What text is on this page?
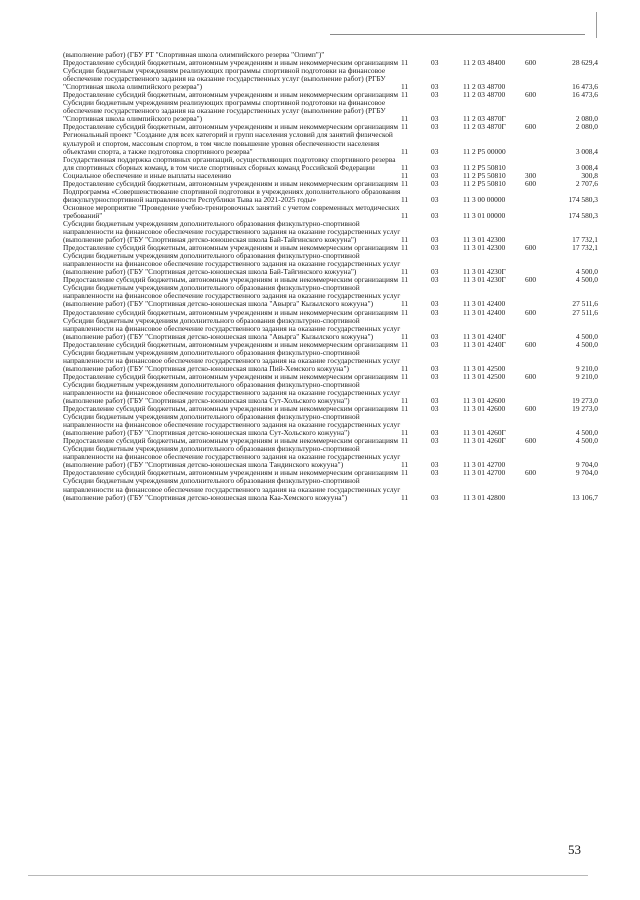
(выполнение работ) (ГБУ РТ "Спортивная школа олимпийского резерва "Олимп")"					
Предоставление субсидий бюджетным, автономным учреждениям и иным некоммерческим организациям	11	03	11 2 03 48400	600	28 629,4
Субсидии бюджетным учреждениям реализующих программы спортивной подготовки на финансовое обеспечение государственного задания на оказание государственных услуг (выполнение работ) (РГБУ "Спортивная школа олимпийского резерва")	11	03	11 2 03 48700		16 473,6
Предоставление субсидий бюджетным, автономным учреждениям и иным некоммерческим организациям	11	03	11 2 03 48700	600	16 473,6
Субсидии бюджетным учреждениям реализующих программы спортивной подготовки на финансовое обеспечение государственного задания на оказание государственных услуг (выполнение работ) (РГБУ "Спортивная школа олимпийского резерва")	11	03	11 2 03 4870Г		2 080,0
Предоставление субсидий бюджетным, автономным учреждениям и иным некоммерческим организациям	11	03	11 2 03 4870Г	600	2 080,0
Региональный проект "Создание для всех категорий и групп населения условий для занятий физической культурой и спортом, массовым спортом, в том числе повышение уровня обеспеченности населения объектами спорта, а также подготовка спортивного резерва"	11	03	11 2 Р5 00000		3 008,4
Государственная поддержка спортивных организаций, осуществляющих подготовку спортивного резерва для спортивных сборных команд, в том числе спортивных сборных команд Российской Федерации	11	03	11 2 Р5 50810		3 008,4
Социальное обеспечение и иные выплаты населению	11	03	11 2 Р5 50810	300	300,8
Предоставление субсидий бюджетным, автономным учреждениям и иным некоммерческим организациям	11	03	11 2 Р5 50810	600	2 707,6
Подпрограмма «Совершенствование спортивной подготовки в учреждениях дополнительного образования физкультурноспортивной направленности Республики Тыва на 2021-2025 годы»	11	03	11 3 00 00000		174 580,3
Основное мероприятие "Проведение учебно-тренировочных занятий с учетом современных методических требований"	11	03	11 3 01 00000		174 580,3
Субсидии бюджетным учреждениям дополнительного образования физкультурно-спортивной направленности на финансовое обеспечение государственного задания на оказание государственных услуг (выполнение работ) (ГБУ "Спортивная детско-юношеская школа Бай-Тайгинского кожууна")	11	03	11 3 01 42300		17 732,1
Предоставление субсидий бюджетным, автономным учреждениям и иным некоммерческим организациям	11	03	11 3 01 42300	600	17 732,1
Субсидии бюджетным учреждениям дополнительного образования физкультурно-спортивной направленности на финансовое обеспечение государственного задания на оказание государственных услуг (выполнение работ) (ГБУ "Спортивная детско-юношеская школа Бай-Тайгинского кожууна")	11	03	11 3 01 4230Г		4 500,0
Предоставление субсидий бюджетным, автономным учреждениям и иным некоммерческим организациям	11	03	11 3 01 4230Г	600	4 500,0
Субсидии бюджетным учреждениям дополнительного образования физкультурно-спортивной направленности на финансовое обеспечение государственного задания на оказание государственных услуг (выполнение работ) (ГБУ "Спортивная детско-юношеская школа "Авырга" Кызылского кожууна")	11	03	11 3 01 42400		27 511,6
Предоставление субсидий бюджетным, автономным учреждениям и иным некоммерческим организациям	11	03	11 3 01 42400	600	27 511,6
Субсидии бюджетным учреждениям дополнительного образования физкультурно-спортивной направленности на финансовое обеспечение государственного задания на оказание государственных услуг (выполнение работ) (ГБУ "Спортивная детско-юношеская школа "Авырга" Кызылского кожууна")	11	03	11 3 01 4240Г		4 500,0
Предоставление субсидий бюджетным, автономным учреждениям и иным некоммерческим организациям	11	03	11 3 01 4240Г	600	4 500,0
Субсидии бюджетным учреждениям дополнительного образования физкультурно-спортивной направленности на финансовое обеспечение государственного задания на оказание государственных услуг (выполнение работ) (ГБУ "Спортивная детско-юношеская школа Пий-Хемского кожууна")	11	03	11 3 01 42500		9 210,0
Предоставление субсидий бюджетным, автономным учреждениям и иным некоммерческим организациям	11	03	11 3 01 42500	600	9 210,0
Субсидии бюджетным учреждениям дополнительного образования физкультурно-спортивной направленности на финансовое обеспечение государственного задания на оказание государственных услуг (выполнение работ) (ГБУ "Спортивная детско-юношеская школа Сут-Хольского кожууна")	11	03	11 3 01 42600		19 273,0
Предоставление субсидий бюджетным, автономным учреждениям и иным некоммерческим организациям	11	03	11 3 01 42600	600	19 273,0
Субсидии бюджетным учреждениям дополнительного образования физкультурно-спортивной направленности на финансовое обеспечение государственного задания на оказание государственных услуг (выполнение работ) (ГБУ "Спортивная детско-юношеская школа Сут-Хольского кожууна")	11	03	11 3 01 4260Г		4 500,0
Предоставление субсидий бюджетным, автономным учреждениям и иным некоммерческим организациям	11	03	11 3 01 4260Г	600	4 500,0
Субсидии бюджетным учреждениям дополнительного образования физкультурно-спортивной направленности на финансовое обеспечение государственного задания на оказание государственных услуг (выполнение работ) (ГБУ "Спортивная детско-юношеская школа Тандинского кожууна")	11	03	11 3 01 42700		9 704,0
Предоставление субсидий бюджетным, автономным учреждениям и иным некоммерческим организациям	11	03	11 3 01 42700	600	9 704,0
Субсидии бюджетным учреждениям дополнительного образования физкультурно-спортивной направленности на финансовое обеспечение государственного задания на оказание государственных услуг (выполнение работ) (ГБУ "Спортивная детско-юношеская школа Каа-Хемского кожууна")	11	03	11 3 01 42800		13 106,7
53
